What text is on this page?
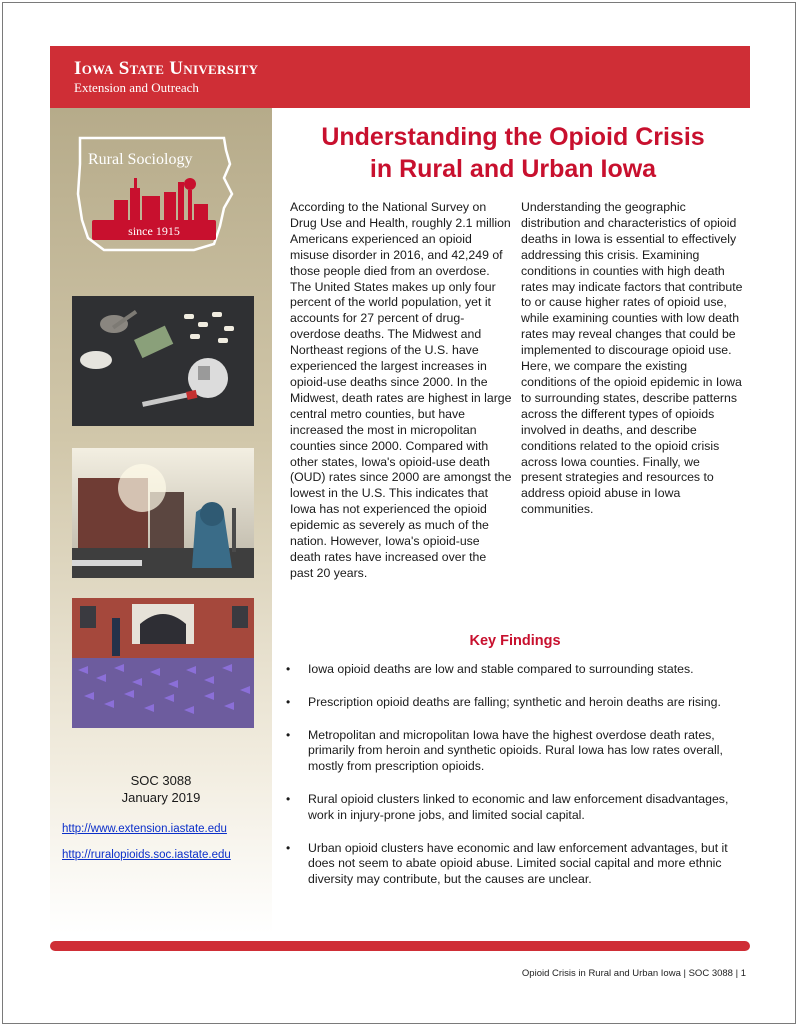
Iowa State University
Extension and Outreach
Rural Sociology
since 1915
SOC 3088
January 2019
http://www.extension.iastate.edu
http://ruralopioids.soc.iastate.edu
Understanding the Opioid Crisis
in Rural and Urban Iowa
According to the National Survey on Drug Use and Health, roughly 2.1 million Americans experienced an opioid misuse disorder in 2016, and 42,249 of those people died from an overdose. The United States makes up only four percent of the world population, yet it accounts for 27 percent of drug-overdose deaths. The Midwest and Northeast regions of the U.S. have experienced the largest increases in opioid-use deaths since 2000. In the Midwest, death rates are highest in large central metro counties, but have increased the most in micropolitan counties since 2000. Compared with other states, Iowa's opioid-use death (OUD) rates since 2000 are amongst the lowest in the U.S. This indicates that Iowa has not experienced the opioid epidemic as severely as much of the nation. However, Iowa's opioid-use death rates have increased over the past 20 years.
Understanding the geographic distribution and characteristics of opioid deaths in Iowa is essential to effectively addressing this crisis. Examining conditions in counties with high death rates may indicate factors that contribute to or cause higher rates of opioid use, while examining counties with low death rates may reveal changes that could be implemented to discourage opioid use. Here, we compare the existing conditions of the opioid epidemic in Iowa to surrounding states, describe patterns across the different types of opioids involved in deaths, and describe conditions related to the opioid crisis across Iowa counties. Finally, we present strategies and resources to address opioid abuse in Iowa communities.
Key Findings
• Iowa opioid deaths are low and stable compared to surrounding states.
• Prescription opioid deaths are falling; synthetic and heroin deaths are rising.
• Metropolitan and micropolitan Iowa have the highest overdose death rates, primarily from heroin and synthetic opioids. Rural Iowa has low rates overall, mostly from prescription opioids.
• Rural opioid clusters linked to economic and law enforcement disadvantages, work in injury-prone jobs, and limited social capital.
• Urban opioid clusters have economic and law enforcement advantages, but it does not seem to abate opioid abuse. Limited social capital and more ethnic diversity may contribute, but the causes are unclear.
Opioid Crisis in Rural and Urban Iowa | SOC 3088 | 1
